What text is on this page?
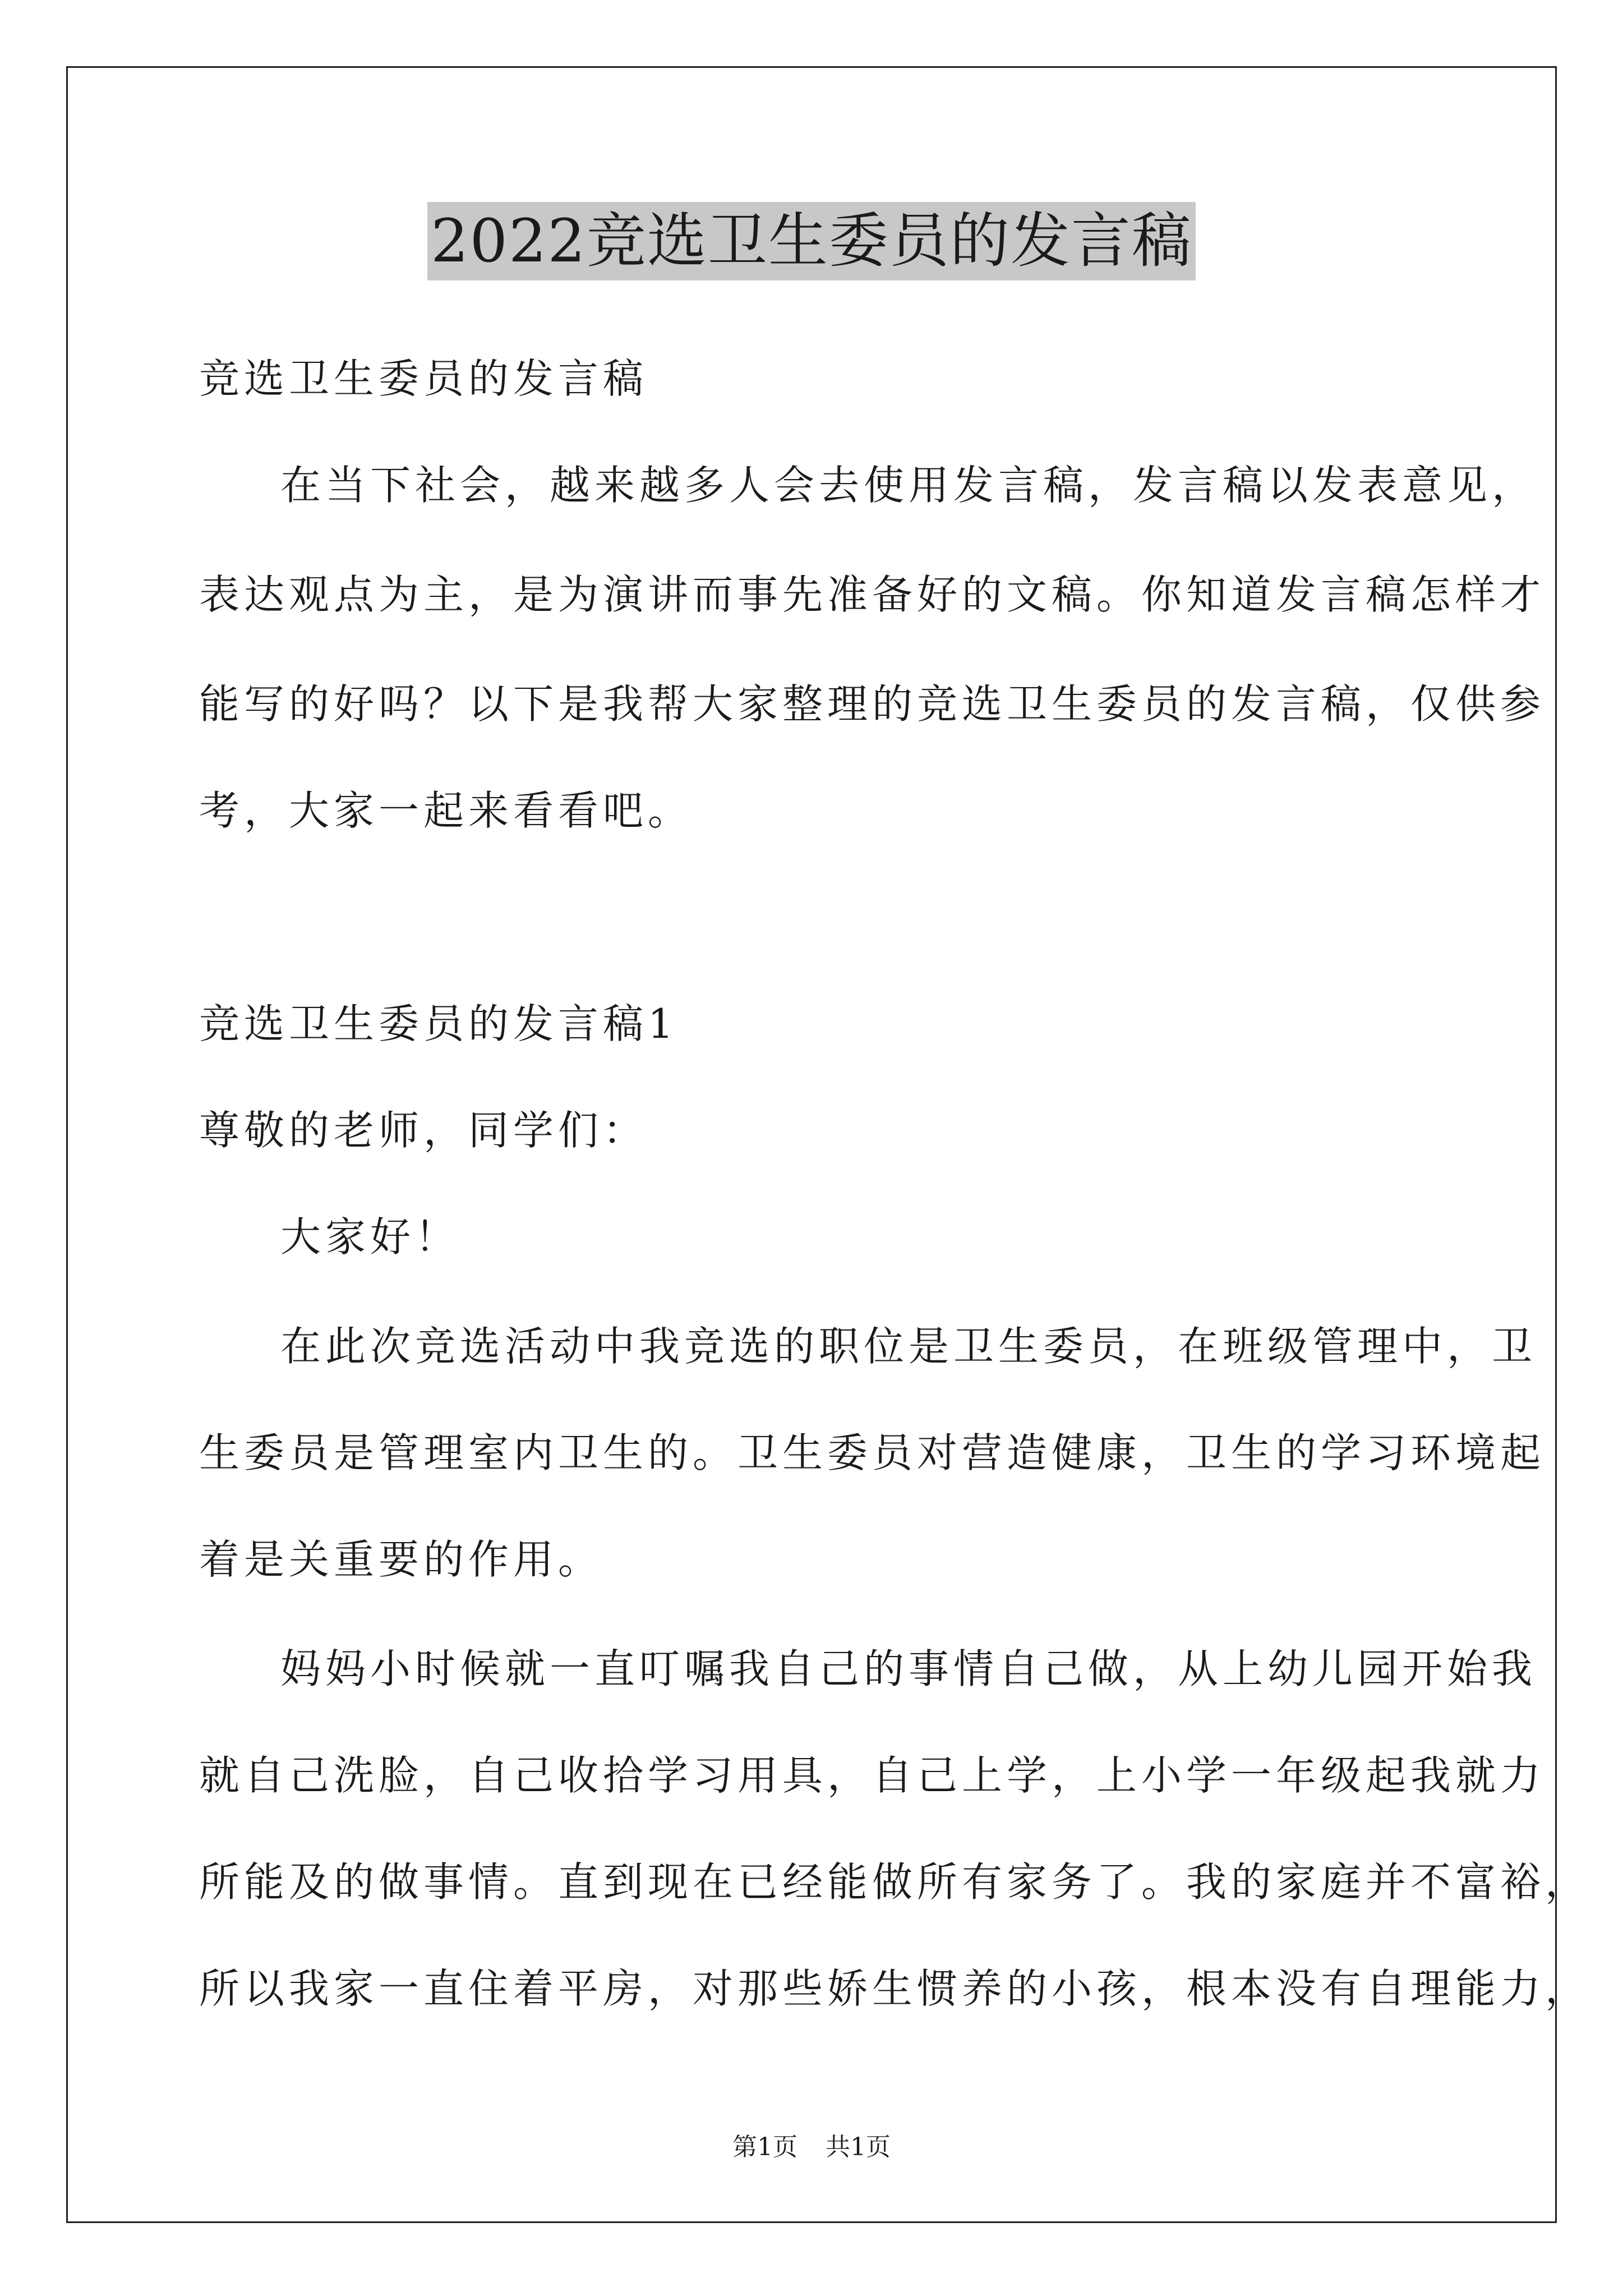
2022竞选卫生委员的发言稿
竞选卫生委员的发言稿
在当下社会，越来越多人会去使用发言稿，发言稿以发表意见，
表达观点为主，是为演讲而事先准备好的文稿。你知道发言稿怎样才
能写的好吗？以下是我帮大家整理的竞选卫生委员的发言稿，仅供参
考，大家一起来看看吧。
竞选卫生委员的发言稿1
尊敬的老师，同学们：
大家好！
在此次竞选活动中我竞选的职位是卫生委员，在班级管理中，卫
生委员是管理室内卫生的。卫生委员对营造健康，卫生的学习环境起
着是关重要的作用。
妈妈小时候就一直叮嘱我自己的事情自己做，从上幼儿园开始我
就自己洗脸，自己收拾学习用具，自己上学，上小学一年级起我就力
所能及的做事情。直到现在已经能做所有家务了。我的家庭并不富裕，
所以我家一直住着平房，对那些娇生惯养的小孩，根本没有自理能力，
第1页 共1页
